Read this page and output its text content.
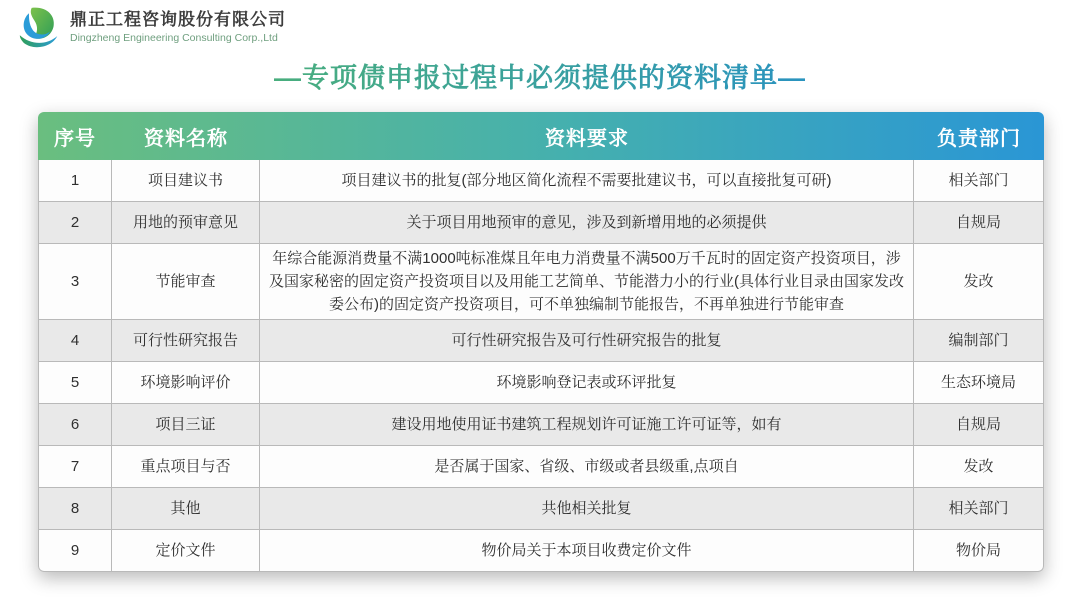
鼎正工程咨询股份有限公司
Dingzheng Engineering Consulting Corp.,Ltd
—专项债申报过程中必须提供的资料清单—
序号	资料名称	资料要求	负责部门
1	项目建议书	项目建议书的批复(部分地区简化流程不需要批建议书，可以直接批复可研)	相关部门
2	用地的预审意见	关于项目用地预审的意见，涉及到新增用地的必须提供	自规局
3	节能审查	年综合能源消费量不满1000吨标准煤且年电力消费量不满500万千瓦时的固定资产投资项目，涉及国家秘密的固定资产投资项目以及用能工艺简单、节能潜力小的行业(具体行业目录由国家发改委公布)的固定资产投资项目，可不单独编制节能报告，不再单独进行节能审查	发改
4	可行性研究报告	可行性研究报告及可行性研究报告的批复	编制部门
5	环境影响评价	环境影响登记表或环评批复	生态环境局
6	项目三证	建设用地使用证书建筑工程规划许可证施工许可证等，如有	自规局
7	重点项目与否	是否属于国家、省级、市级或者县级重,点项自	发改
8	其他	共他相关批复	相关部门
9	定价文件	物价局关于本项目收费定价文件	物价局
